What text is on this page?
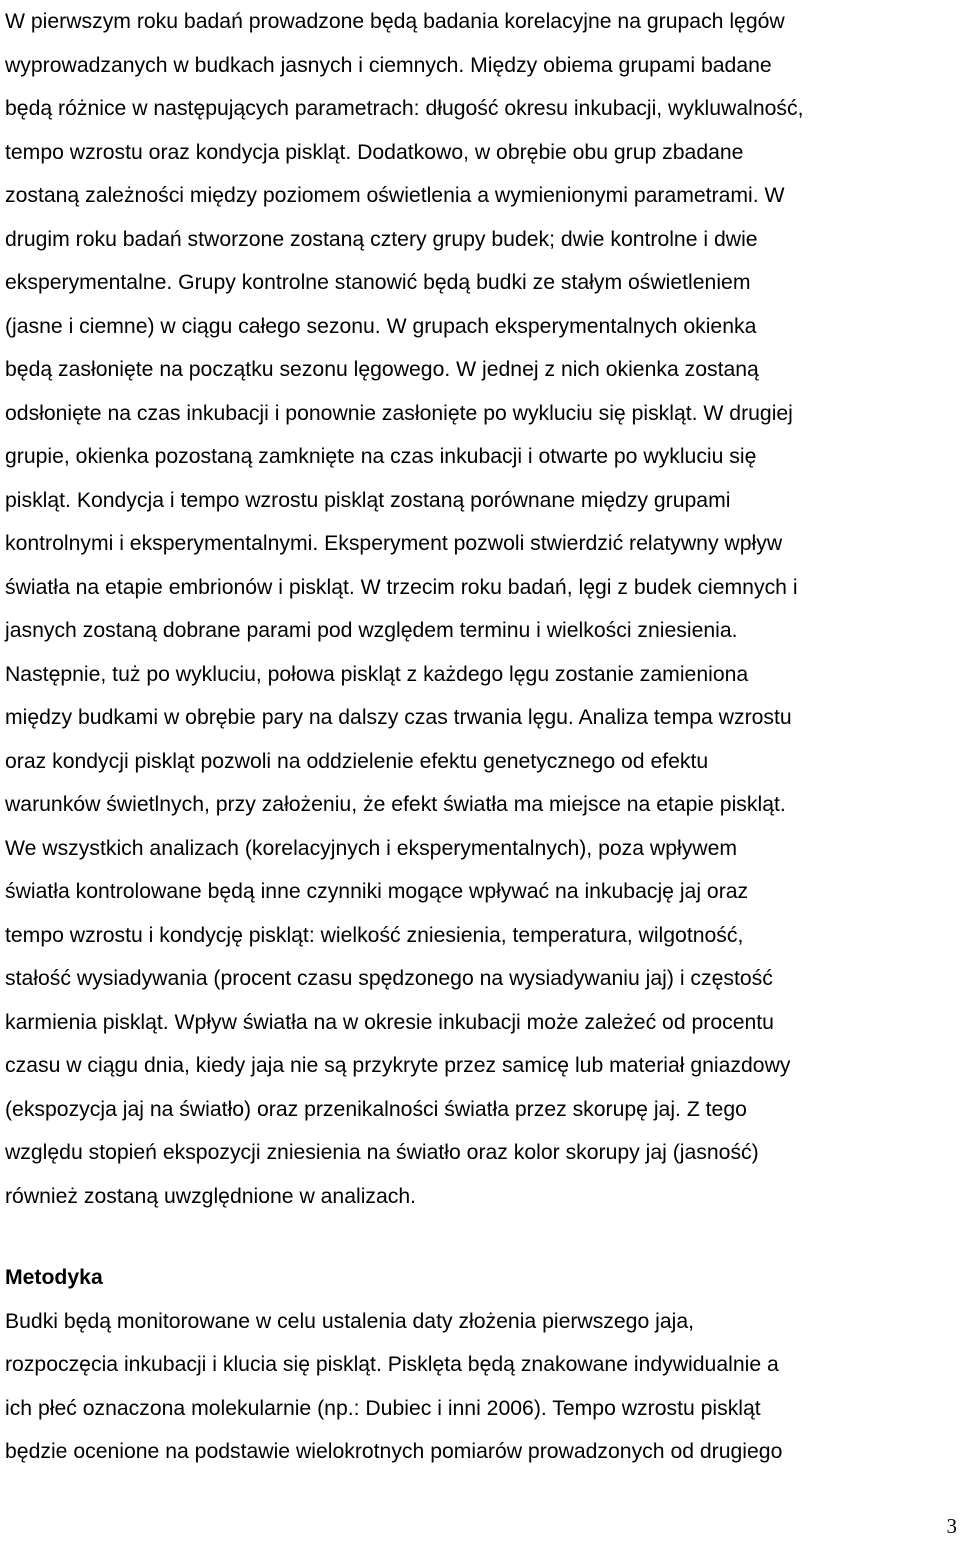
W pierwszym roku badań prowadzone będą badania korelacyjne na grupach lęgów
wyprowadzanych w budkach jasnych i ciemnych. Między obiema grupami badane
będą różnice w następujących parametrach: długość okresu inkubacji, wykluwalność,
tempo wzrostu oraz kondycja piskląt. Dodatkowo, w obrębie obu grup zbadane
zostaną zależności między poziomem oświetlenia a wymienionymi parametrami. W
drugim roku badań stworzone zostaną cztery grupy budek; dwie kontrolne i dwie
eksperymentalne. Grupy kontrolne stanowić będą budki ze stałym oświetleniem
(jasne i ciemne) w ciągu całego sezonu. W grupach eksperymentalnych okienka
będą zasłonięte na początku sezonu lęgowego. W jednej z nich okienka zostaną
odsłonięte na czas inkubacji i ponownie zasłonięte po wykluciu się piskląt. W drugiej
grupie, okienka pozostaną zamknięte na czas inkubacji i otwarte po wykluciu się
piskląt. Kondycja i tempo wzrostu piskląt zostaną porównane między grupami
kontrolnymi i eksperymentalnymi. Eksperyment pozwoli stwierdzić relatywny wpływ
światła na etapie embrionów i piskląt. W trzecim roku badań, lęgi z budek ciemnych i
jasnych zostaną dobrane parami pod względem terminu i wielkości zniesienia.
Następnie, tuż po wykluciu, połowa piskląt z każdego lęgu zostanie zamieniona
między budkami w obrębie pary na dalszy czas trwania lęgu. Analiza tempa wzrostu
oraz kondycji piskląt pozwoli na oddzielenie efektu genetycznego od efektu
warunków świetlnych, przy założeniu, że efekt światła ma miejsce na etapie piskląt.
We wszystkich analizach (korelacyjnych i eksperymentalnych), poza wpływem
światła kontrolowane będą inne czynniki mogące wpływać na inkubację jaj oraz
tempo wzrostu i kondycję piskląt: wielkość zniesienia, temperatura, wilgotność,
stałość wysiadywania (procent czasu spędzonego na wysiadywaniu jaj) i częstość
karmienia piskląt. Wpływ światła na w okresie inkubacji może zależeć od procentu
czasu w ciągu dnia, kiedy jaja nie są przykryte przez samicę lub materiał gniazdowy
(ekspozycja jaj na światło) oraz przenikalności światła przez skorupę jaj. Z tego
względu stopień ekspozycji zniesienia na światło oraz kolor skorupy jaj (jasność)
również zostaną uwzględnione w analizach.
Metodyka
Budki będą monitorowane w celu ustalenia daty złożenia pierwszego jaja,
rozpoczęcia inkubacji i klucia się piskląt. Pisklęta będą znakowane indywidualnie a
ich płeć oznaczona molekularnie (np.: Dubiec i inni 2006). Tempo wzrostu piskląt
będzie ocenione na podstawie wielokrotnych pomiarów prowadzonych od drugiego
3
